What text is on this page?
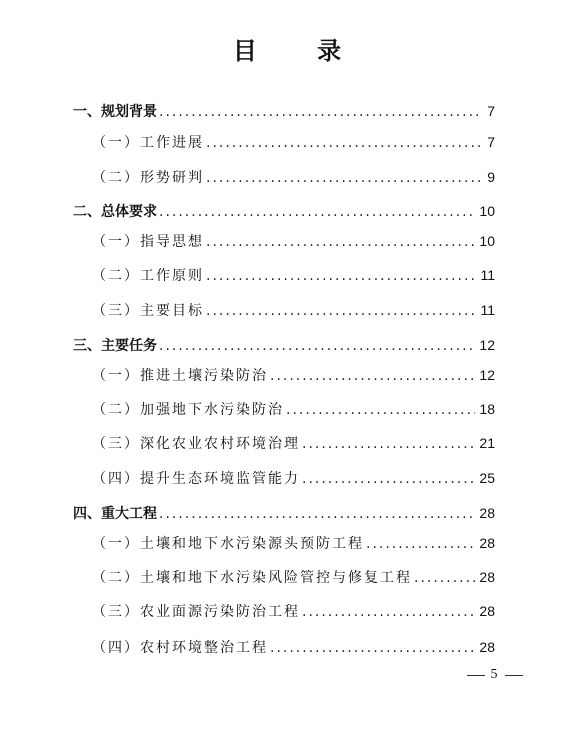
目 录
一、规划背景 .....	7
（一）工作进展 .....	7
（二）形势研判 .....	9
二、总体要求 .....	10
（一）指导思想 .....	10
（二）工作原则 .....	11
（三）主要目标 .....	11
三、主要任务 .....	12
（一）推进土壤污染防治 .....	12
（二）加强地下水污染防治 .....	18
（三）深化农业农村环境治理 .....	21
（四）提升生态环境监管能力 .....	25
四、重大工程 .....	28
（一）土壤和地下水污染源头预防工程 .....	28
（二）土壤和地下水污染风险管控与修复工程 .....	28
（三）农业面源污染防治工程 .....	28
（四）农村环境整治工程 .....	28
5
